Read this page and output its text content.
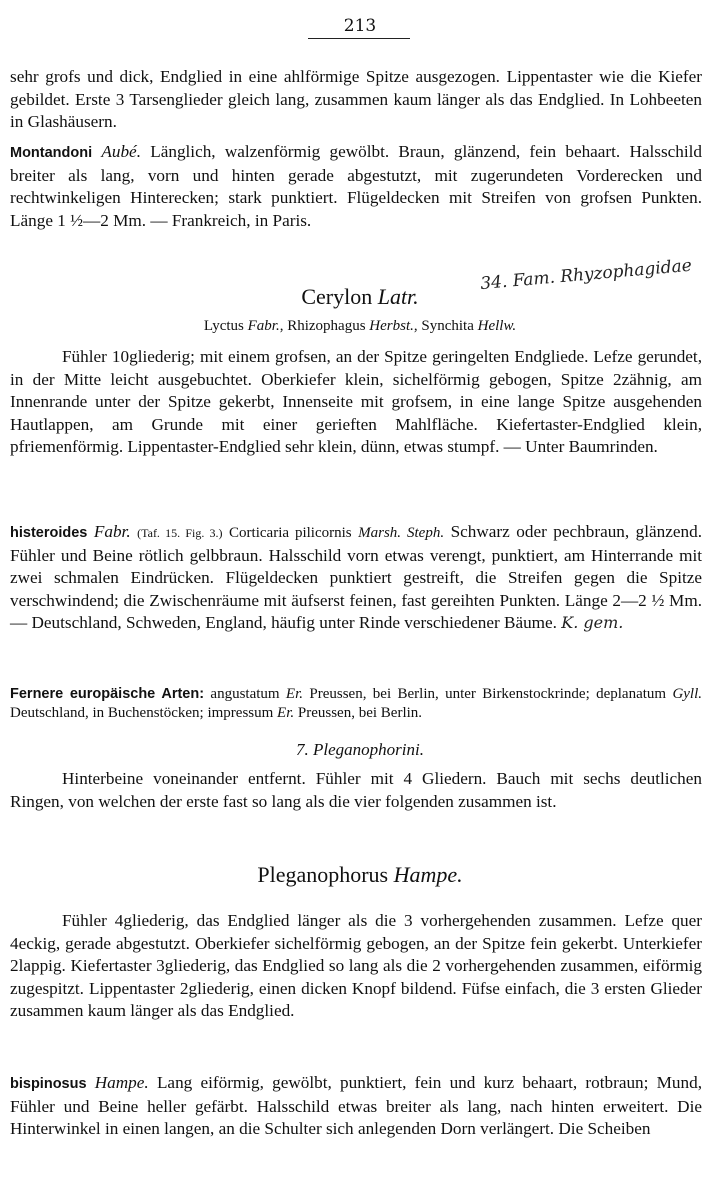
213

sehr grofs und dick, Endglied in eine ahlförmige Spitze ausgezogen. Lippentaster wie die Kiefer gebildet. Erste 3 Tarsenglieder gleich lang, zusammen kaum länger als das Endglied. In Lohbeeten in Glashäusern.

Montandoni Aubé. Länglich, walzenförmig gewölbt. Braun, glänzend, fein behaart. Halsschild breiter als lang, vorn und hinten gerade abgestutzt, mit zugerundeten Vorderecken und rechtwinkeligen Hinterecken; stark punktiert. Flügeldecken mit Streifen von grofsen Punkten. Länge 1 ½—2 Mm. — Frankreich, in Paris.

Cerylon Latr.
34. Fam. Rhyzophagidae
Lyctus Fabr., Rhizophagus Herbst., Synchita Hellw.

Fühler 10gliederig; mit einem grofsen, an der Spitze geringelten Endgliede. Lefze gerundet, in der Mitte leicht ausgebuchtet. Oberkiefer klein, sichelförmig gebogen, Spitze 2zähnig, am Innenrande unter der Spitze gekerbt, Innenseite mit grofsem, in eine lange Spitze ausgehenden Hautlappen, am Grunde mit einer gerieften Mahlfläche. Kiefertaster-Endglied klein, pfriemenförmig. Lippentaster-Endglied sehr klein, dünn, etwas stumpf. — Unter Baumrinden.

histeroides Fabr. (Taf. 15. Fig. 3.) Corticaria pilicornis Marsh. Steph. Schwarz oder pechbraun, glänzend. Fühler und Beine rötlich gelbbraun. Halsschild vorn etwas verengt, punktiert, am Hinterrande mit zwei schmalen Eindrücken. Flügeldecken punktiert gestreift, die Streifen gegen die Spitze verschwindend; die Zwischenräume mit äufserst feinen, fast gereihten Punkten. Länge 2—2 ½ Mm. — Deutschland, Schweden, England, häufig unter Rinde verschiedener Bäume. K. gem.

Fernere europäische Arten: angustatum Er. Preussen, bei Berlin, unter Birkenstockrinde; deplanatum Gyll. Deutschland, in Buchenstöcken; impressum Er. Preussen, bei Berlin.

7. Pleganophorini.

Hinterbeine voneinander entfernt. Fühler mit 4 Gliedern. Bauch mit sechs deutlichen Ringen, von welchen der erste fast so lang als die vier folgenden zusammen ist.

Pleganophorus Hampe.

Fühler 4gliederig, das Endglied länger als die 3 vorhergehenden zusammen. Lefze quer 4eckig, gerade abgestutzt. Oberkiefer sichelförmig gebogen, an der Spitze fein gekerbt. Unterkiefer 2lappig. Kiefertaster 3gliederig, das Endglied so lang als die 2 vorhergehenden zusammen, eiförmig zugespitzt. Lippentaster 2gliederig, einen dicken Knopf bildend. Füfse einfach, die 3 ersten Glieder zusammen kaum länger als das Endglied.

bispinosus Hampe. Lang eiförmig, gewölbt, punktiert, fein und kurz behaart, rotbraun; Mund, Fühler und Beine heller gefärbt. Halsschild etwas breiter als lang, nach hinten erweitert. Die Hinterwinkel in einen langen, an die Schulter sich anlegenden Dorn verlängert. Die Scheiben
